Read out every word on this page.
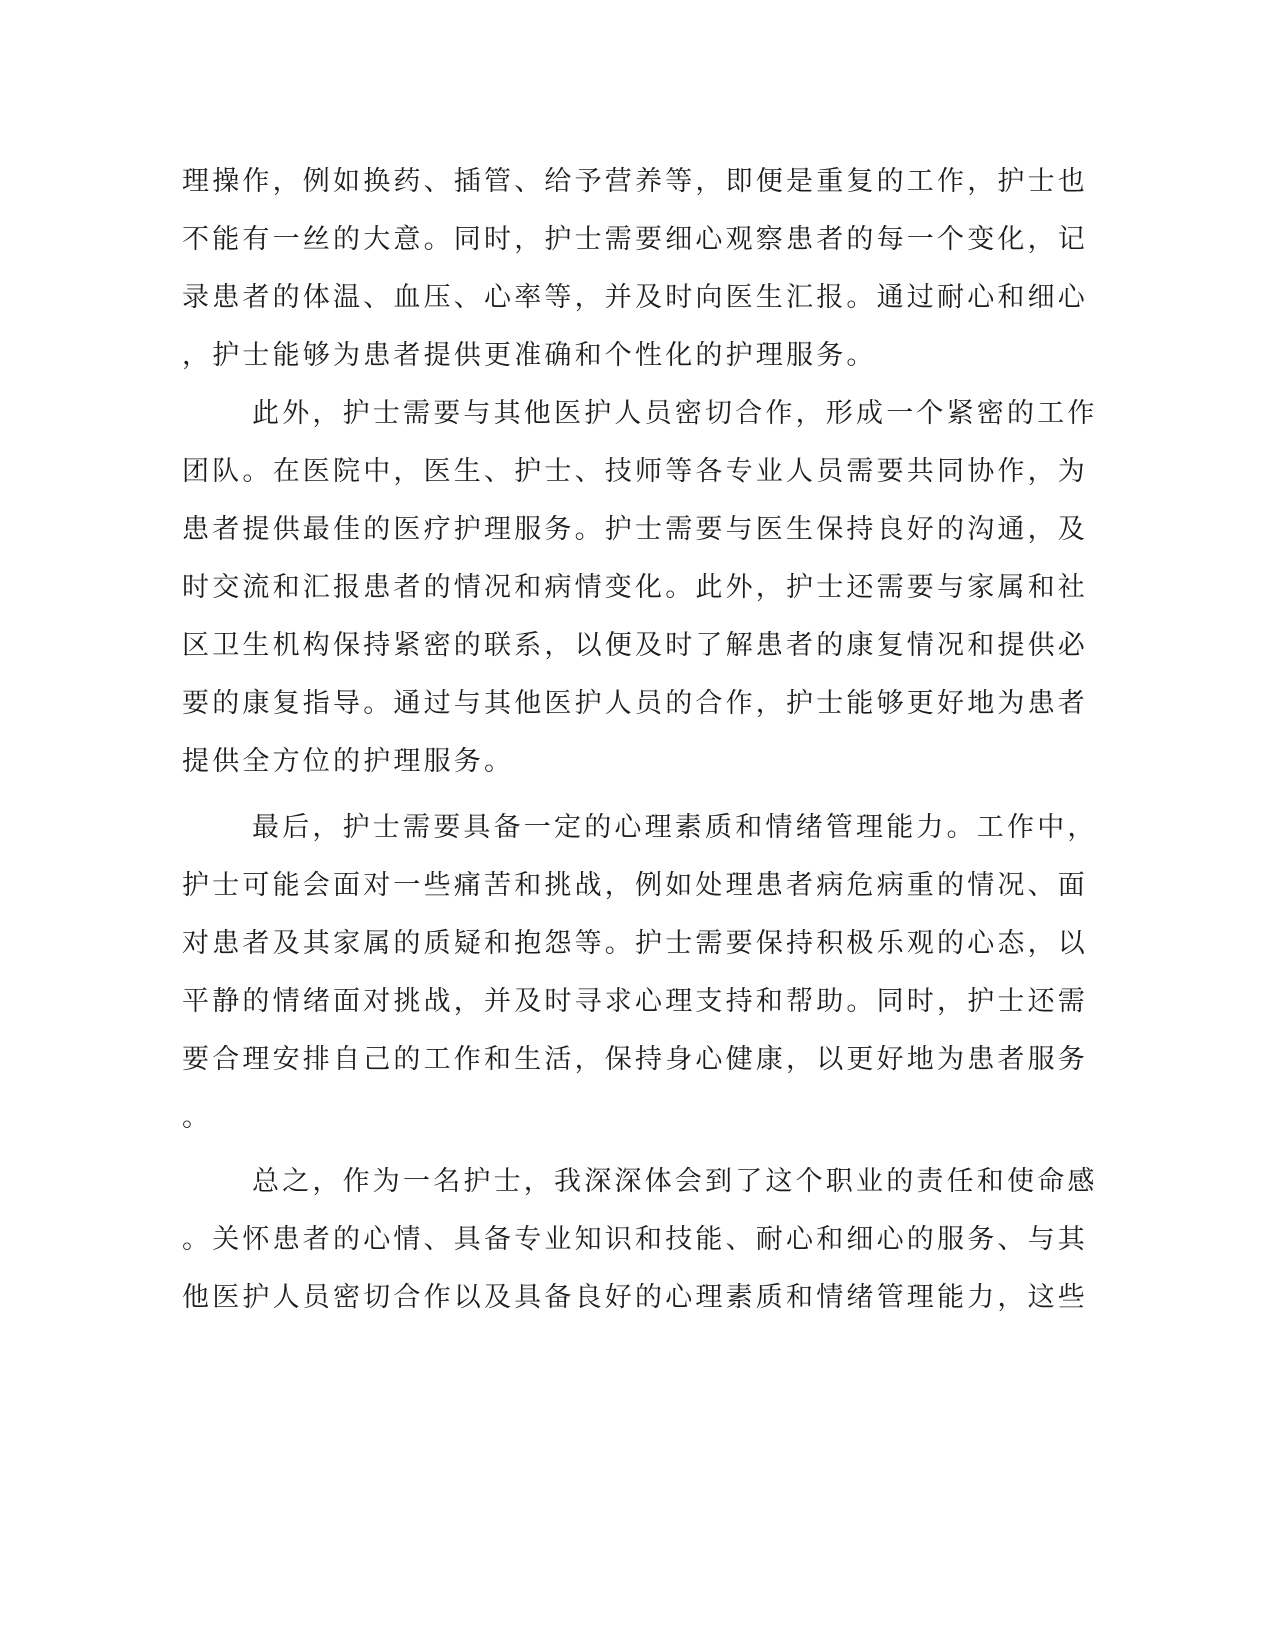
理操作，例如换药、插管、给予营养等，即便是重复的工作，护士也
不能有一丝的大意。同时，护士需要细心观察患者的每一个变化，记
录患者的体温、血压、心率等，并及时向医生汇报。通过耐心和细心
，护士能够为患者提供更准确和个性化的护理服务。
此外，护士需要与其他医护人员密切合作，形成一个紧密的工作
团队。在医院中，医生、护士、技师等各专业人员需要共同协作，为
患者提供最佳的医疗护理服务。护士需要与医生保持良好的沟通，及
时交流和汇报患者的情况和病情变化。此外，护士还需要与家属和社
区卫生机构保持紧密的联系，以便及时了解患者的康复情况和提供必
要的康复指导。通过与其他医护人员的合作，护士能够更好地为患者
提供全方位的护理服务。
最后，护士需要具备一定的心理素质和情绪管理能力。工作中，
护士可能会面对一些痛苦和挑战，例如处理患者病危病重的情况、面
对患者及其家属的质疑和抱怨等。护士需要保持积极乐观的心态，以
平静的情绪面对挑战，并及时寻求心理支持和帮助。同时，护士还需
要合理安排自己的工作和生活，保持身心健康，以更好地为患者服务
。
总之，作为一名护士，我深深体会到了这个职业的责任和使命感
。关怀患者的心情、具备专业知识和技能、耐心和细心的服务、与其
他医护人员密切合作以及具备良好的心理素质和情绪管理能力，这些
